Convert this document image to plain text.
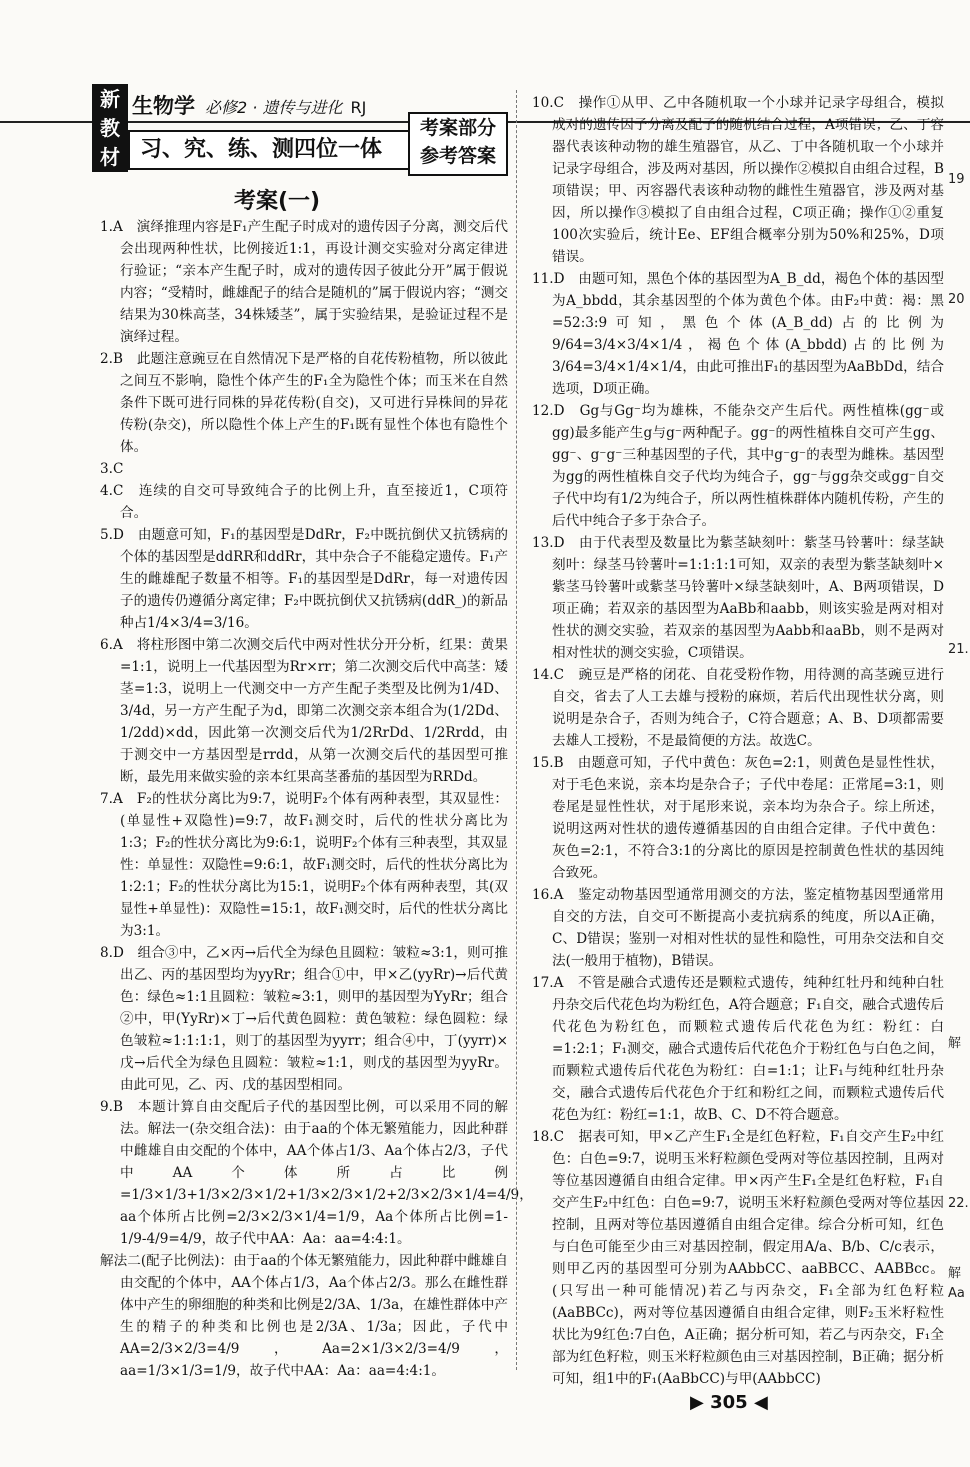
新
教
材
生物学 必修2 · 遗传与进化 RJ
习、究、练、测四位一体
考案部分
参考答案
考案(一)

1.A　演绎推理内容是F₁产生配子时成对的遗传因子分离，测交后代会出现两种性状，比例接近1:1，再设计测交实验对分离定律进行验证；“亲本产生配子时，成对的遗传因子彼此分开”属于假说内容；“受精时，雌雄配子的结合是随机的”属于假说内容；“测交结果为30株高茎，34株矮茎”，属于实验结果，是验证过程不是演绎过程。

2.B　此题注意豌豆在自然情况下是严格的自花传粉植物，所以彼此之间互不影响，隐性个体产生的F₁全为隐性个体；而玉米在自然条件下既可进行同株的异花传粉(自交)，又可进行异株间的异花传粉(杂交)，所以隐性个体上产生的F₁既有显性个体也有隐性个体。

3.C

4.C　连续的自交可导致纯合子的比例上升，直至接近1，C项符合。

5.D　由题意可知，F₁的基因型是DdRr，F₂中既抗倒伏又抗锈病的个体的基因型是ddRR和ddRr，其中杂合子不能稳定遗传。F₁产生的雌雄配子数量不相等。F₁的基因型是DdRr，每一对遗传因子的遗传仍遵循分离定律；F₂中既抗倒伏又抗锈病(ddR_)的新品种占1/4×3/4=3/16。

6.A　将柱形图中第二次测交后代中两对性状分开分析，红果：黄果=1:1，说明上一代基因型为Rr×rr；第二次测交后代中高茎：矮茎=1:3，说明上一代测交中一方产生配子类型及比例为1/4D、3/4d，另一方产生配子为d，即第二次测交亲本组合为(1/2Dd、1/2dd)×dd，因此第一次测交后代为1/2RrDd、1/2Rrdd，由于测交中一方基因型是rrdd，从第一次测交后代的基因型可推断，最先用来做实验的亲本红果高茎番茄的基因型为RRDd。

7.A　F₂的性状分离比为9:7，说明F₂个体有两种表型，其双显性：(单显性+双隐性)=9:7，故F₁测交时，后代的性状分离比为1:3；F₂的性状分离比为9:6:1，说明F₂个体有三种表型，其双显性：单显性：双隐性=9:6:1，故F₁测交时，后代的性状分离比为1:2:1；F₂的性状分离比为15:1，说明F₂个体有两种表型，其(双显性+单显性)：双隐性=15:1，故F₁测交时，后代的性状分离比为3:1。

8.D　组合③中，乙×丙→后代全为绿色且圆粒：皱粒≈3:1，则可推出乙、丙的基因型均为yyRr；组合①中，甲×乙(yyRr)→后代黄色：绿色≈1:1且圆粒：皱粒≈3:1，则甲的基因型为YyRr；组合②中，甲(YyRr)×丁→后代黄色圆粒：黄色皱粒：绿色圆粒：绿色皱粒≈1:1:1:1，则丁的基因型为yyrr；组合④中，丁(yyrr)×戊→后代全为绿色且圆粒：皱粒≈1:1，则戊的基因型为yyRr。由此可见，乙、丙、戊的基因型相同。

9.B　本题计算自由交配后子代的基因型比例，可以采用不同的解法。解法一(杂交组合法)：由于aa的个体无繁殖能力，因此种群中雌雄自由交配的个体中，AA个体占1/3、Aa个体占2/3，子代中AA个体所占比例=1/3×1/3+1/3×2/3×1/2+1/3×2/3×1/2+2/3×2/3×1/4=4/9，aa个体所占比例=2/3×2/3×1/4=1/9，Aa个体所占比例=1-1/9-4/9=4/9，故子代中AA：Aa：aa=4:4:1。

解法二(配子比例法)：由于aa的个体无繁殖能力，因此种群中雌雄自由交配的个体中，AA个体占1/3，Aa个体占2/3。那么在雌性群体中产生的卵细胞的种类和比例是2/3A、1/3a，在雄性群体中产生的精子的种类和比例也是2/3A、1/3a；因此，子代中AA=2/3×2/3=4/9，Aa=2×1/3×2/3=4/9，aa=1/3×1/3=1/9，故子代中AA：Aa：aa=4:4:1。

10.C　操作①从甲、乙中各随机取一个小球并记录字母组合，模拟成对的遗传因子分离及配子的随机结合过程，A项错误；乙、丁容器代表该种动物的雄生殖器官，从乙、丁中各随机取一个小球并记录字母组合，涉及两对基因，所以操作②模拟自由组合过程，B项错误；甲、丙容器代表该种动物的雌性生殖器官，涉及两对基因，所以操作③模拟了自由组合过程，C项正确；操作①②重复100次实验后，统计Ee、EF组合概率分别为50%和25%，D项错误。

11.D　由题可知，黑色个体的基因型为A_B_dd，褐色个体的基因型为A_bbdd，其余基因型的个体为黄色个体。由F₂中黄：褐：黑=52:3:9可知，黑色个体(A_B_dd)占的比例为9/64=3/4×3/4×1/4，褐色个体(A_bbdd)占的比例为3/64=3/4×1/4×1/4，由此可推出F₁的基因型为AaBbDd，结合选项，D项正确。

12.D　Gg与Gg⁻均为雄株，不能杂交产生后代。两性植株(gg⁻或gg)最多能产生g与g⁻两种配子。gg⁻的两性植株自交可产生gg、gg⁻、g⁻g⁻三种基因型的子代，其中g⁻g⁻的表型为雌株。基因型为gg的两性植株自交子代均为纯合子，gg⁻与gg杂交或gg⁻自交子代中均有1/2为纯合子，所以两性植株群体内随机传粉，产生的后代中纯合子多于杂合子。

13.D　由于代表型及数量比为紫茎缺刻叶：紫茎马铃薯叶：绿茎缺刻叶：绿茎马铃薯叶=1:1:1:1可知，双亲的表型为紫茎缺刻叶×紫茎马铃薯叶或紫茎马铃薯叶×绿茎缺刻叶，A、B两项错误，D项正确；若双亲的基因型为AaBb和aabb，则该实验是两对相对性状的测交实验，若双亲的基因型为Aabb和aaBb，则不是两对相对性状的测交实验，C项错误。

14.C　豌豆是严格的闭花、自花受粉作物，用待测的高茎豌豆进行自交，省去了人工去雄与授粉的麻烦，若后代出现性状分离，则说明是杂合子，否则为纯合子，C符合题意；A、B、D项都需要去雄人工授粉，不是最简便的方法。故选C。

15.B　由题意可知，子代中黄色：灰色=2:1，则黄色是显性性状，对于毛色来说，亲本均是杂合子；子代中卷尾：正常尾=3:1，则卷尾是显性性状，对于尾形来说，亲本均为杂合子。综上所述，说明这两对性状的遗传遵循基因的自由组合定律。子代中黄色：灰色=2:1，不符合3:1的分离比的原因是控制黄色性状的基因纯合致死。

16.A　鉴定动物基因型通常用测交的方法，鉴定植物基因型通常用自交的方法，自交可不断提高小麦抗病系的纯度，所以A正确，C、D错误；鉴别一对相对性状的显性和隐性，可用杂交法和自交法(一般用于植物)，B错误。

17.A　不管是融合式遗传还是颗粒式遗传，纯种红牡丹和纯种白牡丹杂交后代花色均为粉红色，A符合题意；F₁自交，融合式遗传后代花色为粉红色，而颗粒式遗传后代花色为红：粉红：白=1:2:1；F₁测交，融合式遗传后代花色介于粉红色与白色之间，而颗粒式遗传后代花色为粉红：白=1:1；让F₁与纯种红牡丹杂交，融合式遗传后代花色介于红和粉红之间，而颗粒式遗传后代花色为红：粉红=1:1，故B、C、D不符合题意。

18.C　据表可知，甲×乙产生F₁全是红色籽粒，F₁自交产生F₂中红色：白色=9:7，说明玉米籽粒颜色受两对等位基因控制，且两对等位基因遵循自由组合定律。甲×丙产生F₁全是红色籽粒，F₁自交产生F₂中红色：白色=9:7，说明玉米籽粒颜色受两对等位基因控制，且两对等位基因遵循自由组合定律。综合分析可知，红色与白色可能至少由三对基因控制，假定用A/a、B/b、C/c表示，则甲乙丙的基因型可分别为AAbbCC、aaBBCC、AABBcc。(只写出一种可能情况)若乙与丙杂交，F₁全部为红色籽粒(AaBBCc)，两对等位基因遵循自由组合定律，则F₂玉米籽粒性状比为9红色:7白色，A正确；据分析可知，若乙与丙杂交，F₁全部为红色籽粒，则玉米籽粒颜色由三对基因控制，B正确；据分析可知，组1中的F₁(AaBbCC)与甲(AAbbCC)

▶ 305 ◀
19
20
21.
解
22.
解
Aa
